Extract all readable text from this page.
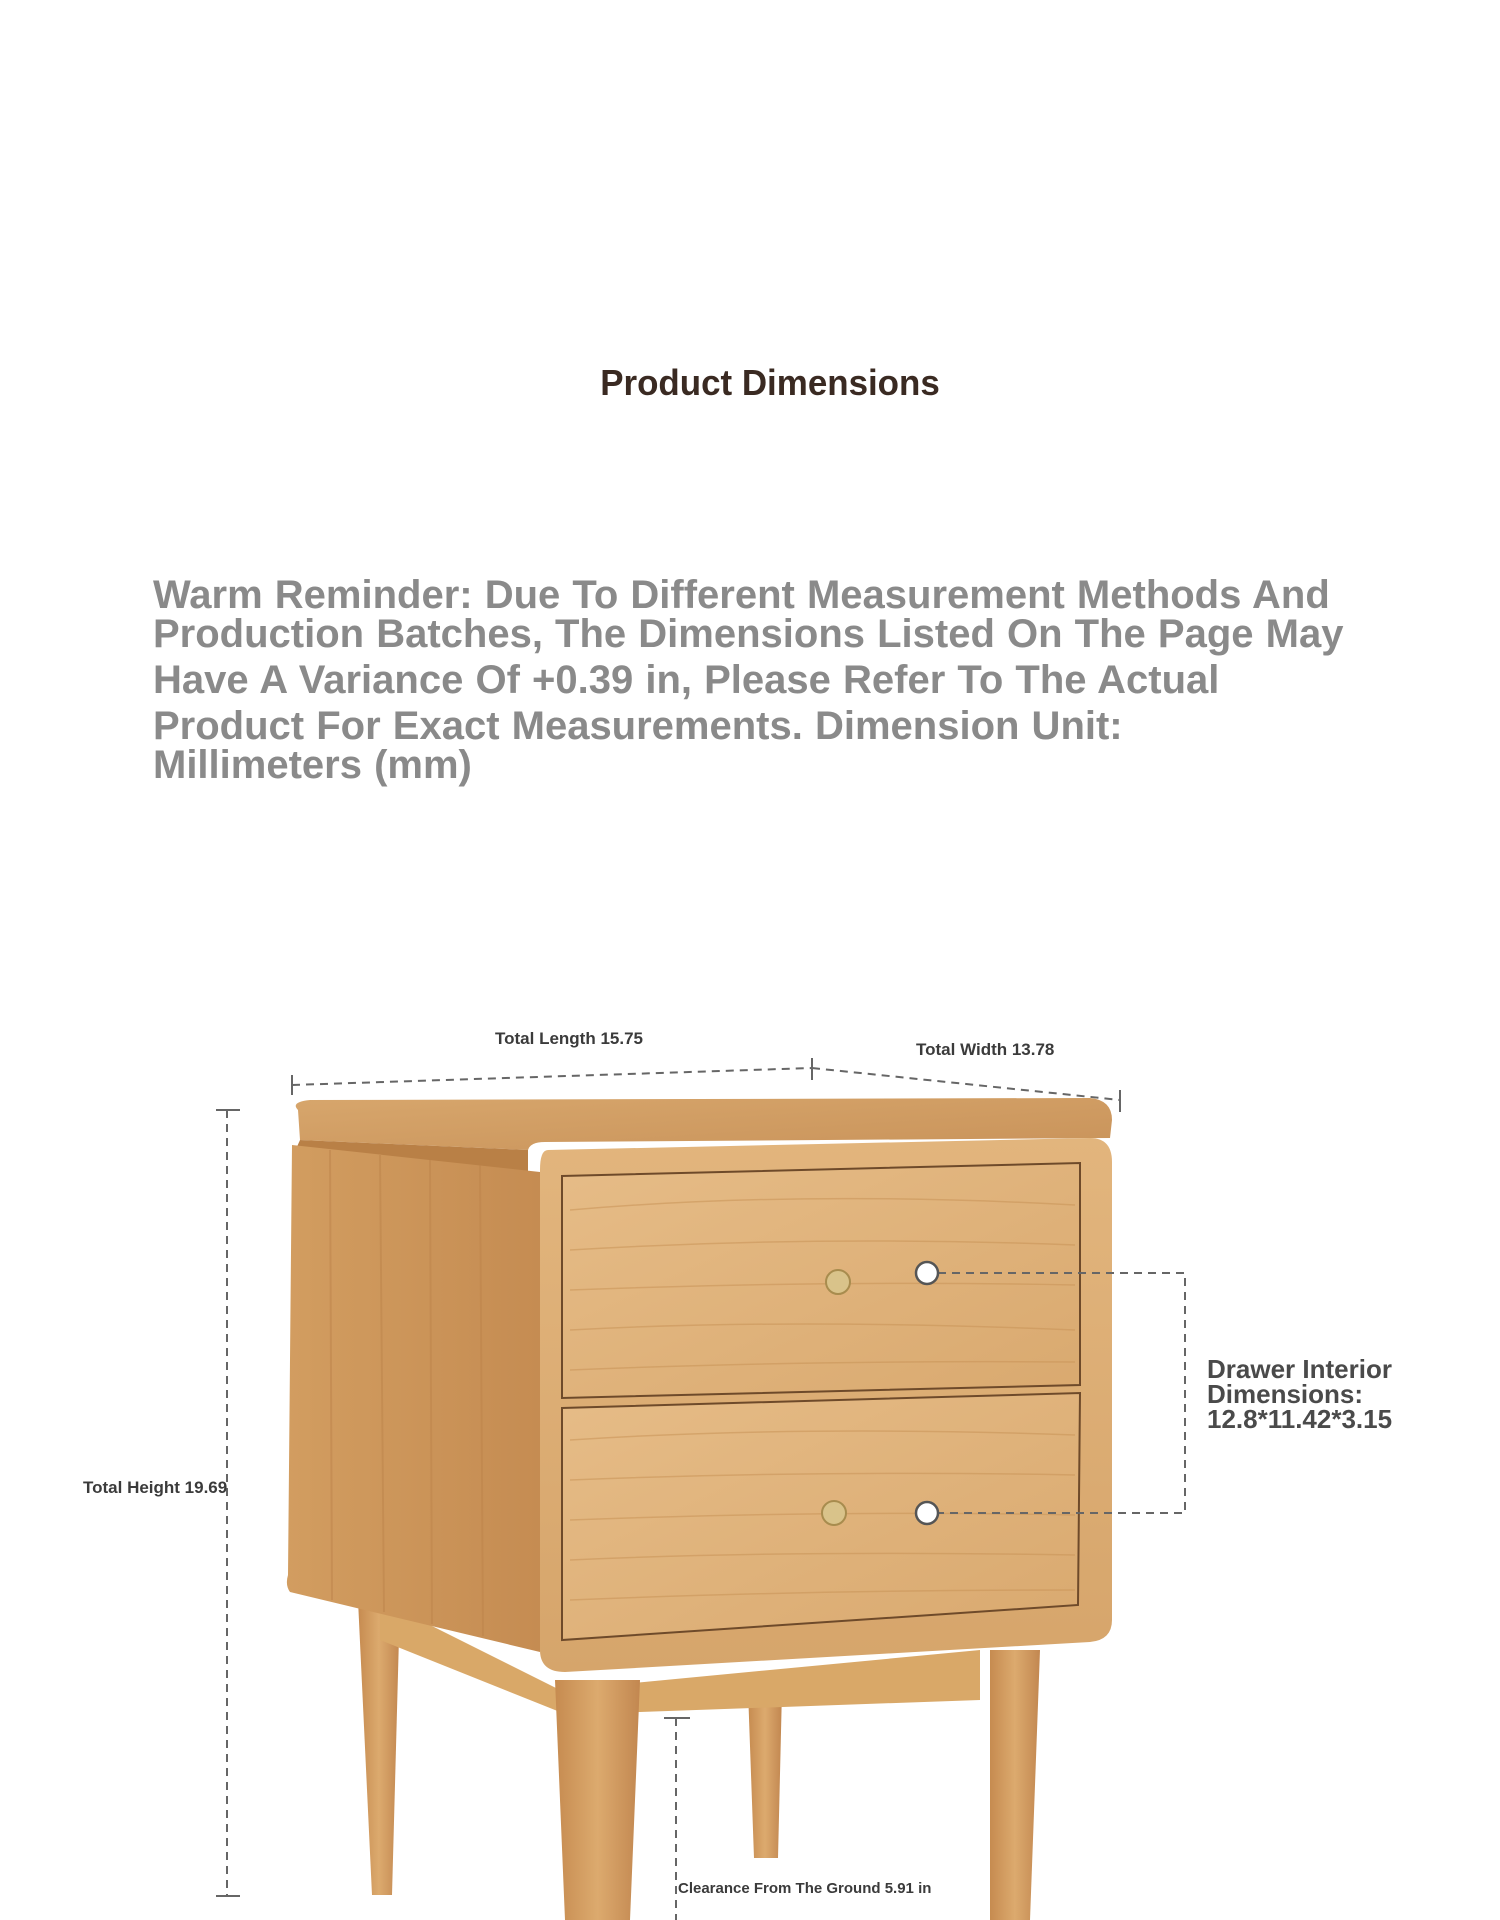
Product Dimensions

Warm Reminder: Due To Different Measurement Methods And

Production Batches, The Dimensions Listed On The Page May

Have A Variance Of +0.39 in, Please Refer To The Actual

Product For Exact Measurements. Dimension Unit:

Millimeters (mm)

Total Length 15.75
Total Width 13.78
Total Height 19.69
Clearance From The Ground 5.91 in
Drawer Interior
Dimensions:
12.8*11.42*3.15
